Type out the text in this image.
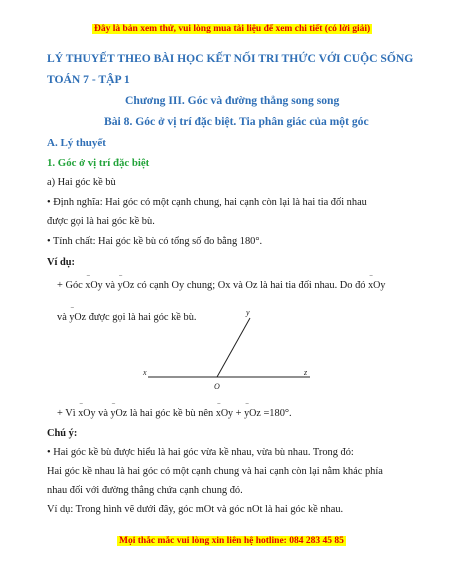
Đây là bản xem thử, vui lòng mua tài liệu để xem chi tiết (có lời giải)
LÝ THUYẾT THEO BÀI HỌC KẾT NỐI TRI THỨC VỚI CUỘC SỐNG
TOÁN 7 - TẬP 1
Chương III. Góc và đường thẳng song song
Bài 8. Góc ở vị trí đặc biệt. Tia phân giác của một góc
A. Lý thuyết
1. Góc ở vị trí đặc biệt
a) Hai góc kề bù
• Định nghĩa: Hai góc có một cạnh chung, hai cạnh còn lại là hai tia đối nhau
được gọi là hai góc kề bù.
• Tính chất: Hai góc kề bù có tổng số đo bằng 180°.
Ví dụ:
+ Góc
⌢
xOy và
⌢
yOz có cạnh Oy chung; Ox và Oz là hai tia đối nhau. Do đó
⌢
xOy
và
⌢
yOz được gọi là hai góc kề bù.
x
O
z
y
+ Vì
⌢
xOy và
⌢
yOz là hai góc kề bù nên
⌢
xOy +
⌢
yOz =180°.
Chú ý:
• Hai góc kề bù được hiểu là hai góc vừa kề nhau, vừa bù nhau. Trong đó:
Hai góc kề nhau là hai góc có một cạnh chung và hai cạnh còn lại nằm khác phía
nhau đối với đường thẳng chứa cạnh chung đó.
Ví dụ: Trong hình vẽ dưới đây, góc mOt và góc nOt là hai góc kề nhau.
Mọi thắc mắc vui lòng xin liên hệ hotline: 084 283 45 85
